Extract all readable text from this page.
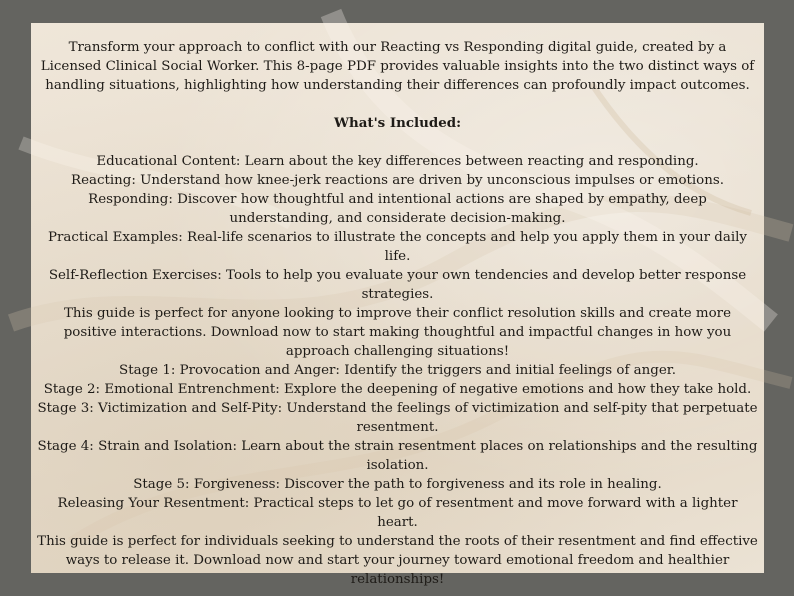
Transform your approach to conflict with our Reacting vs Responding digital guide, created by a Licensed Clinical Social Worker. This 8-page PDF provides valuable insights into the two distinct ways of handling situations, highlighting how understanding their differences can profoundly impact outcomes.

What's Included:

Educational Content: Learn about the key differences between reacting and responding.

Reacting: Understand how knee-jerk reactions are driven by unconscious impulses or emotions.

Responding: Discover how thoughtful and intentional actions are shaped by empathy, deep understanding, and considerate decision-making.

Practical Examples: Real-life scenarios to illustrate the concepts and help you apply them in your daily life.

Self-Reflection Exercises: Tools to help you evaluate your own tendencies and develop better response strategies.

This guide is perfect for anyone looking to improve their conflict resolution skills and create more positive interactions. Download now to start making thoughtful and impactful changes in how you approach challenging situations!

Stage 1: Provocation and Anger: Identify the triggers and initial feelings of anger.

Stage 2: Emotional Entrenchment: Explore the deepening of negative emotions and how they take hold.

Stage 3: Victimization and Self-Pity: Understand the feelings of victimization and self-pity that perpetuate resentment.

Stage 4: Strain and Isolation: Learn about the strain resentment places on relationships and the resulting isolation.

Stage 5: Forgiveness: Discover the path to forgiveness and its role in healing.

Releasing Your Resentment: Practical steps to let go of resentment and move forward with a lighter heart.

This guide is perfect for individuals seeking to understand the roots of their resentment and find effective ways to release it. Download now and start your journey toward emotional freedom and healthier relationships!
